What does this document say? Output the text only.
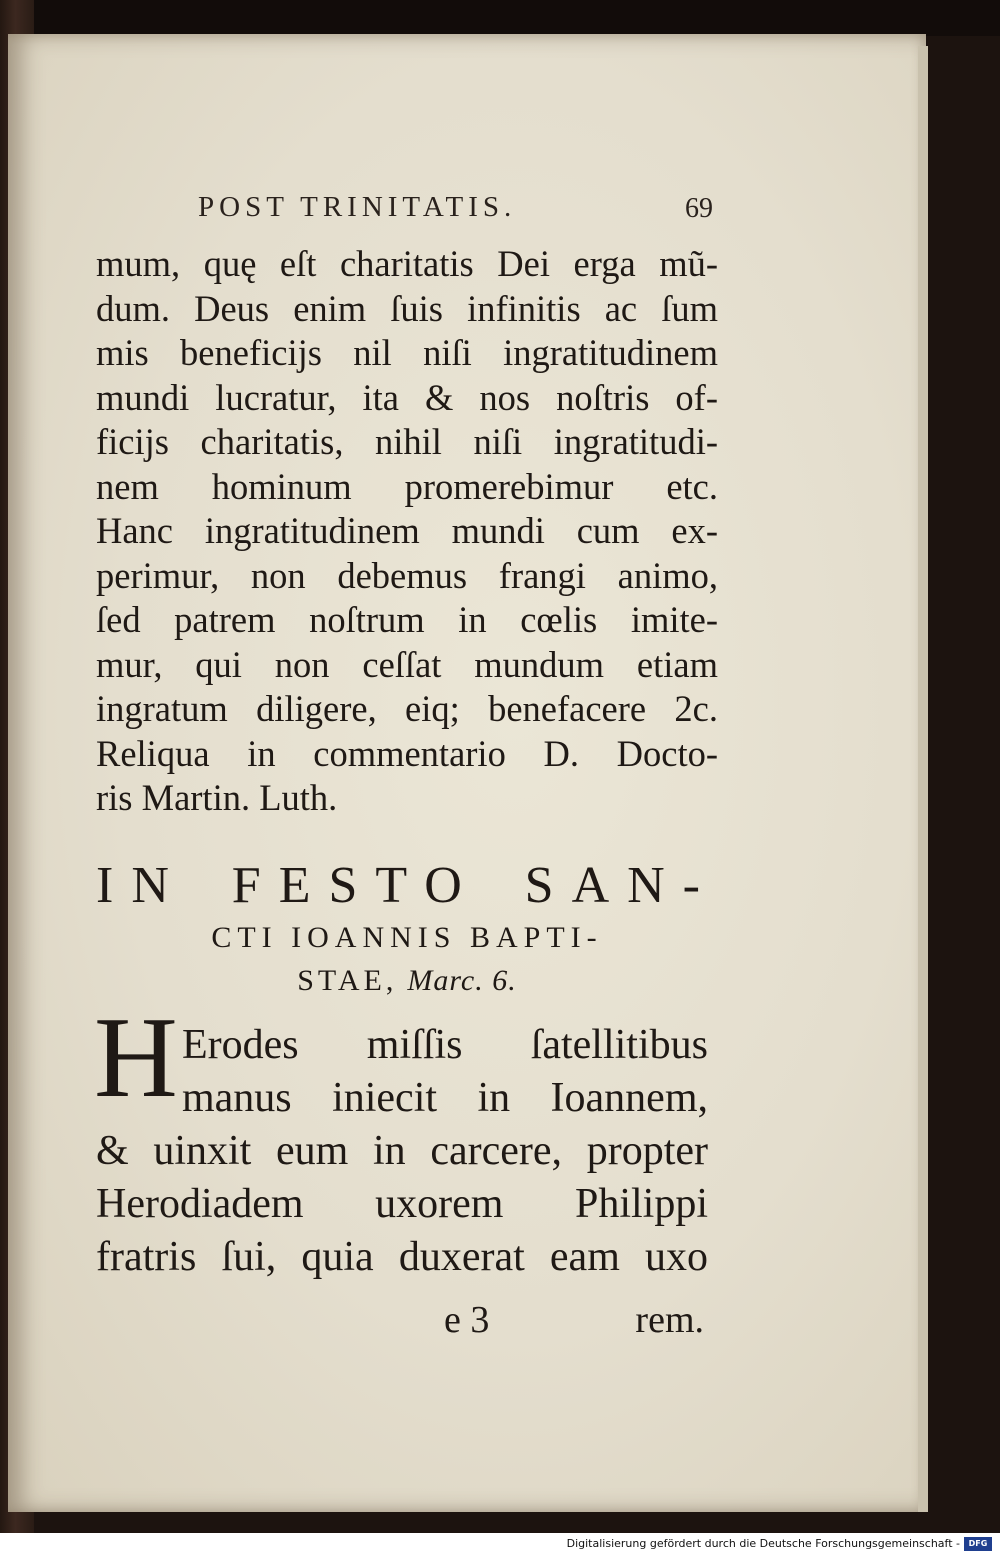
POST TRINITATIS.	69
mum, quę eſt charitatis Dei erga mũ-
dum. Deus enim ſuis infinitis ac ſum
mis beneficijs nil niſi ingratitudinem
mundi lucratur, ita & nos noſtris of-
ficijs charitatis, nihil niſi ingratitudi-
nem hominum promerebimur etc.
Hanc ingratitudinem mundi cum ex-
perimur, non debemus frangi animo,
ſed patrem noſtrum in cœlis imite-
mur, qui non ceſſat mundum etiam
ingratum diligere, eiq; benefacere 2c.
Reliqua in commentario D. Docto-
ris Martin. Luth.
IN FESTO SAN-
CTI IOANNIS BAPTI-
STAE, Marc. 6.
H Erodes miſſis ſatellitibus
manus iniecit in Ioannem,
& uinxit eum in carcere, propter
Herodiadem uxorem Philippi
fratris ſui, quia duxerat eam uxo
e 3	rem.
Digitalisierung gefördert durch die Deutsche Forschungsgemeinschaft -	DFG
